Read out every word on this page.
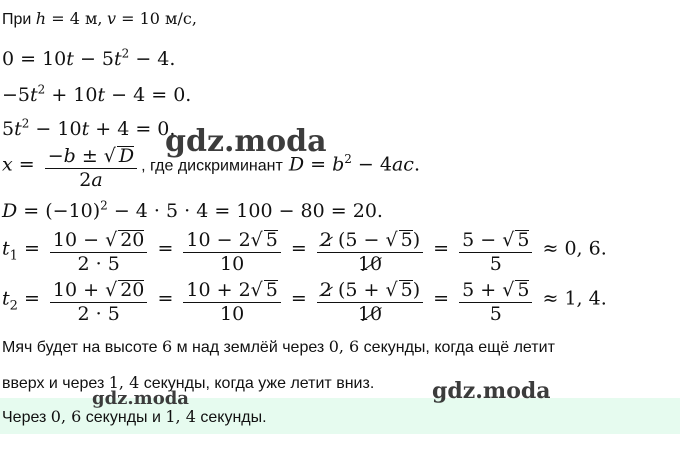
При h = 4 м, v = 10 м/с,
$0 = 10t - 5t^2 - 4$.
$-5t^2 + 10t - 4 = 0$.
$5t^2 - 10t + 4 = 0$.
$x = \frac{-b \pm √ D}{2a}$ , где дискриминант $D = b^2 - 4ac$.
$D = (-10)^2 - 4 \cdot 5 \cdot 4 = 100 - 80 = 20$.
$t_1 = \frac{10 - √ 20}{2 \cdot 5} = \frac{10 - 2√ 5}{10} = \frac{2 (5 - √ 5)}{10} = \frac{5 - √ 5}{5} \approx 0$, 6.
$t_2 = \frac{10 + √ 20}{2 \cdot 5} = \frac{10 + 2√ 5}{10} = \frac{2 (5 + √ 5)}{10} = \frac{5 + √ 5}{5} \approx 1$, 4.
Мяч будет на высоте 6 м над землёй через 0, 6 секунды, когда ещё летит
вверх и через 1, 4 секунды, когда уже летит вниз.
Через 0, 6 секунды и 1, 4 секунды.
gdz.moda
gdz.moda
gdz.moda
